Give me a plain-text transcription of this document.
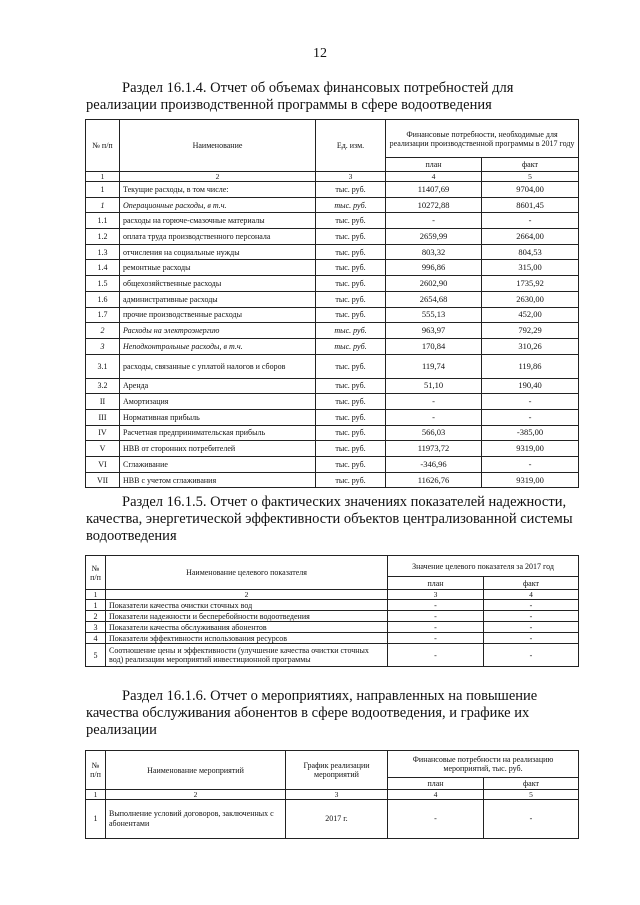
12
Раздел 16.1.4. Отчет об объемах финансовых потребностей для
реализации производственной программы в сфере водоотведения
№ п/п	Наименование	Ед. изм.	Финансовые потребности, необходимые для реализации производственной программы в 2017 году	
			план	факт
1	2	3	4	5
1	Текущие расходы, в том числе:	тыс. руб.	11407,69	9704,00
1	Операционные расходы, в т.ч.	тыс. руб.	10272,88	8601,45
1.1	расходы на горюче-смазочные материалы	тыс. руб.	-	-
1.2	оплата труда производственного персонала	тыс. руб.	2659,99	2664,00
1.3	отчисления на социальные нужды	тыс. руб.	803,32	804,53
1.4	ремонтные расходы	тыс. руб.	996,86	315,00
1.5	общехозяйственные расходы	тыс. руб.	2602,90	1735,92
1.6	административные расходы	тыс. руб.	2654,68	2630,00
1.7	прочие производственные расходы	тыс. руб.	555,13	452,00
2	Расходы на электроэнергию	тыс. руб.	963,97	792,29
3	Неподконтрольные расходы, в т.ч.	тыс. руб.	170,84	310,26
3.1	расходы, связанные с уплатой налогов и сборов	тыс. руб.	119,74	119,86
3.2	Аренда	тыс. руб.	51,10	190,40
II	Амортизация	тыс. руб.	-	-
III	Нормативная прибыль	тыс. руб.	-	-
IV	Расчетная предпринимательская прибыль	тыс. руб.	566,03	-385,00
V	НВВ от сторонних потребителей	тыс. руб.	11973,72	9319,00
VI	Сглаживание	тыс. руб.	-346,96	-
VII	НВВ с учетом сглаживания	тыс. руб.	11626,76	9319,00
Раздел 16.1.5. Отчет о фактических значениях показателей надежности,
качества, энергетической эффективности объектов централизованной системы
водоотведения
№ п/п	Наименование целевого показателя	Значение целевого показателя за 2017 год	
		план	факт
1	2	3	4
1	Показатели качества очистки сточных вод	-	-
2	Показатели надежности и бесперебойности водоотведения	-	-
3	Показатели качества обслуживания абонентов	-	-
4	Показатели эффективности использования ресурсов	-	-
5	Соотношение цены и эффективности (улучшение качества очистки сточных вод) реализации мероприятий инвестиционной программы	-	-
Раздел 16.1.6. Отчет о мероприятиях, направленных на повышение
качества обслуживания абонентов в сфере водоотведения, и графике их
реализации
№ п/п	Наименование мероприятий	График реализации мероприятий	Финансовые потребности на реализацию мероприятий, тыс. руб.	
			план	факт
1	2	3	4	5
1	Выполнение условий договоров, заключенных с абонентами	2017 г.	-	-
